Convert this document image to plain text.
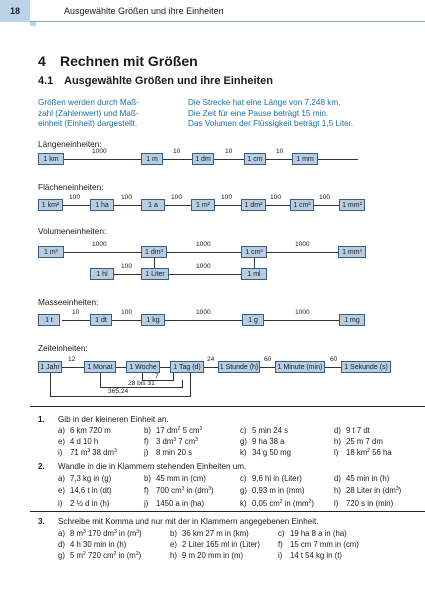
18	Ausgewählte Größen und ihre Einheiten
4 Rechnen mit Größen
4.1 Ausgewählte Größen und ihre Einheiten
Größen werden durch Maß-
zahl (Zahlenwert) und Maß-
einheit (Einheit) dargestellt.
Die Strecke hat eine Länge von 7,248 km.
Die Zeit für eine Pause beträgt 15 min.
Das Volumen der Flüssigkeit beträgt 1,5 Liter.
Längeneinheiten:
1 km	1 m	1 dm	1 cm	1 mm
1000	10	10	10
Flächeneinheiten:
1 km²	1 ha	1 a	1 m²	1 dm²	1 cm²	1 mm²
100	100	100	100	100	100
Volumeneinheiten:
1 m³	1 dm³	1 cm³	1 mm³
1000	1000	1000
1 hl	1 Liter	1 ml
100	1000
Masseeinheiten:
1 t	1 dt	1 kg	1 g	1 mg
10	100	1000	1000
Zeiteinheiten:
1 Jahr	1 Monat	1 Woche	1 Tag (d)	1 Stunde (h)	1 Minute (min)	1 Sekunde (s)
12	24	60	60
7
28 bis 31
365,24
1. Gib in der kleineren Einheit an.
a) 6 km 720 m	b) 17 $dm^2$ 5 $cm^2$	c) 5 min 24 s	d) 9 t 7 dt
e) 4 d 10 h	f) 3 $dm^3$ 7 $cm^3$	g) 9 ha 38 a	h) 25 m 7 dm
i) 71 $m^3$ 38 $dm^3$	j) 8 min 20 s	k) 34 g 50 mg	l) 18 $km^2$ 56 ha
2. Wandle in die in Klammern stehenden Einheiten um.
a) 7,3 kg in (g)	b) 45 mm in (cm)	c) 9,6 hl in (Liter)	d) 45 min in (h)
e) 14,6 t in (dt)	f) 700 $cm^3$ in $(dm^3)$	g) 0,93 m in (mm)	h) 28 Liter in $(dm^3)$
i) 2 ½ d in (h)	j) 1450 a in (ha)	k) 0,05 $cm^2$ in $(mm^2)$	l) 720 s in (min)
3. Schreibe mit Komma und nur mit der in Klammern angegebenen Einheit.
a) 8 $m^3$ 170 $dm^3$ in $(m^3)$	b) 36 km 27 m in (km)	c) 19 ha 8 a in (ha)
d) 4 h 30 min in (h)	e) 2 Liter 165 ml in (Liter) f) 15 cm 7 mm in (cm)
g) 5 $m^2$ 720 $cm^2$ in $(m^2)$	h) 9 m 20 mm in (m)	i) 14 t 54 kg in (t)
